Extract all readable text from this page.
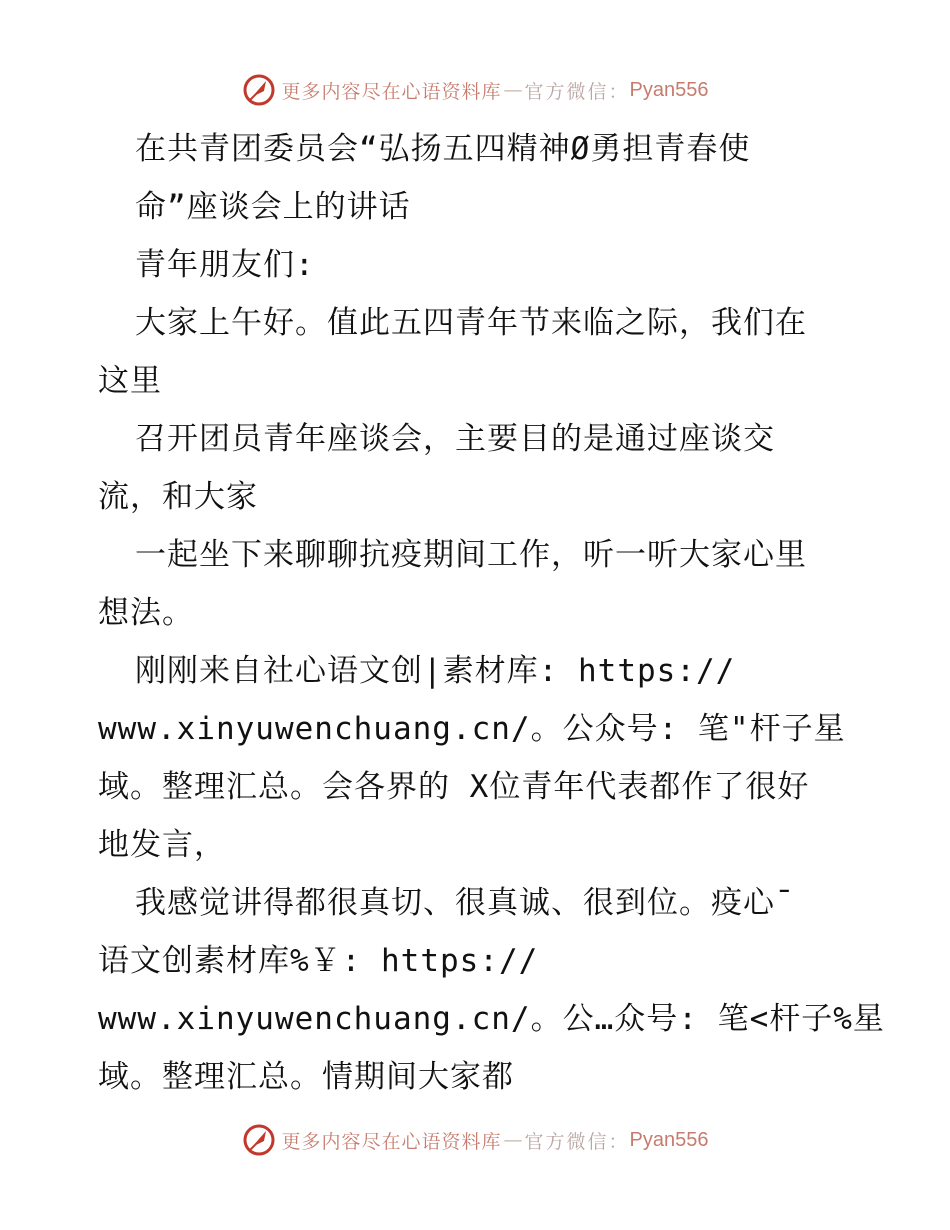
更多内容尽在心语资料库 — 官方微信： Pyan556
在共青团委员会“弘扬五四精神Ø勇担青春使
命”座谈会上的讲话
青年朋友们:
大家上午好。值此五四青年节来临之际，我们在
这里
召开团员青年座谈会，主要目的是通过座谈交
流，和大家
一起坐下来聊聊抗疫期间工作，听一听大家心里
想法。
刚刚来自社心语文创|素材库: https://
www.xinyuwenchuang.cn/。公众号: 笔"杆子星
域。整理汇总。会各界的 X位青年代表都作了很好
地发言，
我感觉讲得都很真切、很真诚、很到位。疫心¯
语文创素材库%￥: https://
www.xinyuwenchuang.cn/。公…众号: 笔<杆子%星
域。整理汇总。情期间大家都
更多内容尽在心语资料库 — 官方微信： Pyan556
